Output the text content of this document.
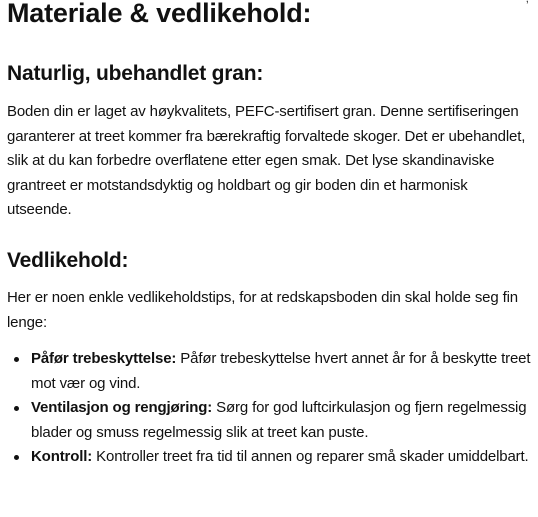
Materiale & vedlikehold:
Naturlig, ubehandlet gran:

Boden din er laget av høykvalitets, PEFC-sertifisert gran. Denne sertifiseringen garanterer at treet kommer fra bærekraftig forvaltede skoger. Det er ubehandlet, slik at du kan forbedre overflatene etter egen smak. Det lyse skandinaviske grantreet er motstandsdyktig og holdbart og gir boden din et harmonisk utseende.

Vedlikehold:

Her er noen enkle vedlikeholdstips, for at redskapsboden din skal holde seg fin lenge:

Påfør trebeskyttelse: Påfør trebeskyttelse hvert annet år for å beskytte treet mot vær og vind.
Ventilasjon og rengjøring: Sørg for god luftcirkulasjon og fjern regelmessig blader og smuss regelmessig slik at treet kan puste.
Kontroll: Kontroller treet fra tid til annen og reparer små skader umiddelbart.
